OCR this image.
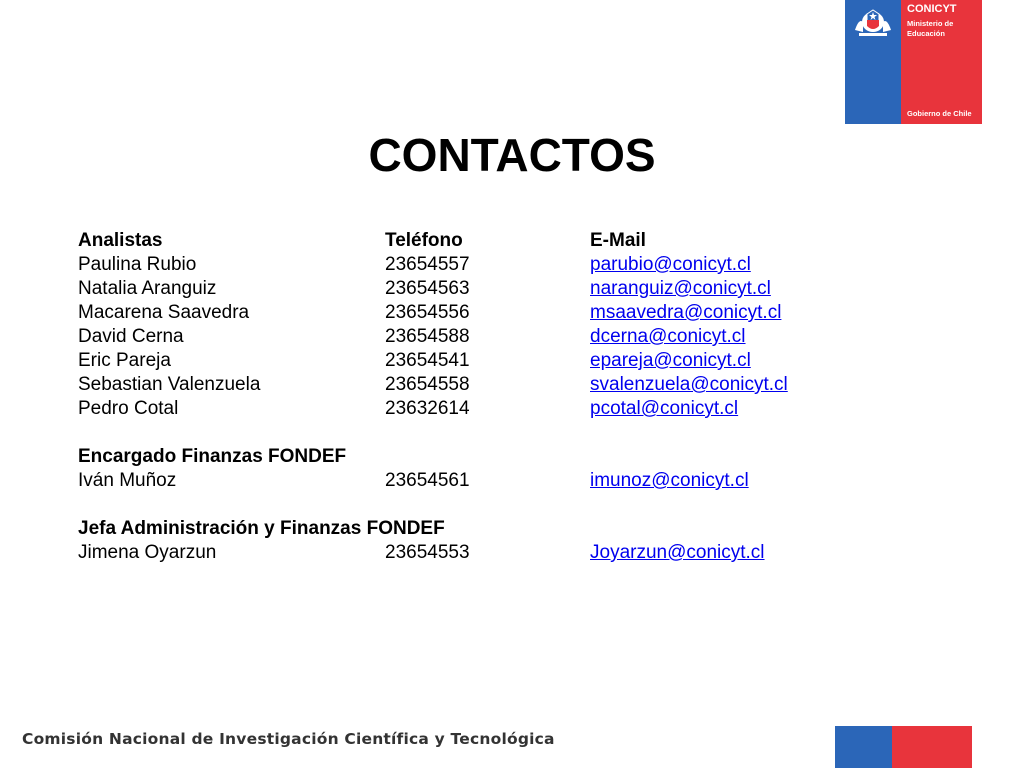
CONICYT
Ministerio de Educación
Gobierno de Chile
CONTACTOS
Analistas	Teléfono	E-Mail
Paulina Rubio	23654557	parubio@conicyt.cl
Natalia Aranguiz	23654563	naranguiz@conicyt.cl
Macarena Saavedra	23654556	msaavedra@conicyt.cl
David Cerna	23654588	dcerna@conicyt.cl
Eric Pareja	23654541	epareja@conicyt.cl
Sebastian Valenzuela	23654558	svalenzuela@conicyt.cl
Pedro Cotal	23632614	pcotal@conicyt.cl
Encargado Finanzas FONDEF
Iván Muñoz	23654561	imunoz@conicyt.cl
Jefa Administración y Finanzas FONDEF
Jimena Oyarzun	23654553	Joyarzun@conicyt.cl
Comisión Nacional de Investigación Científica y Tecnológica
